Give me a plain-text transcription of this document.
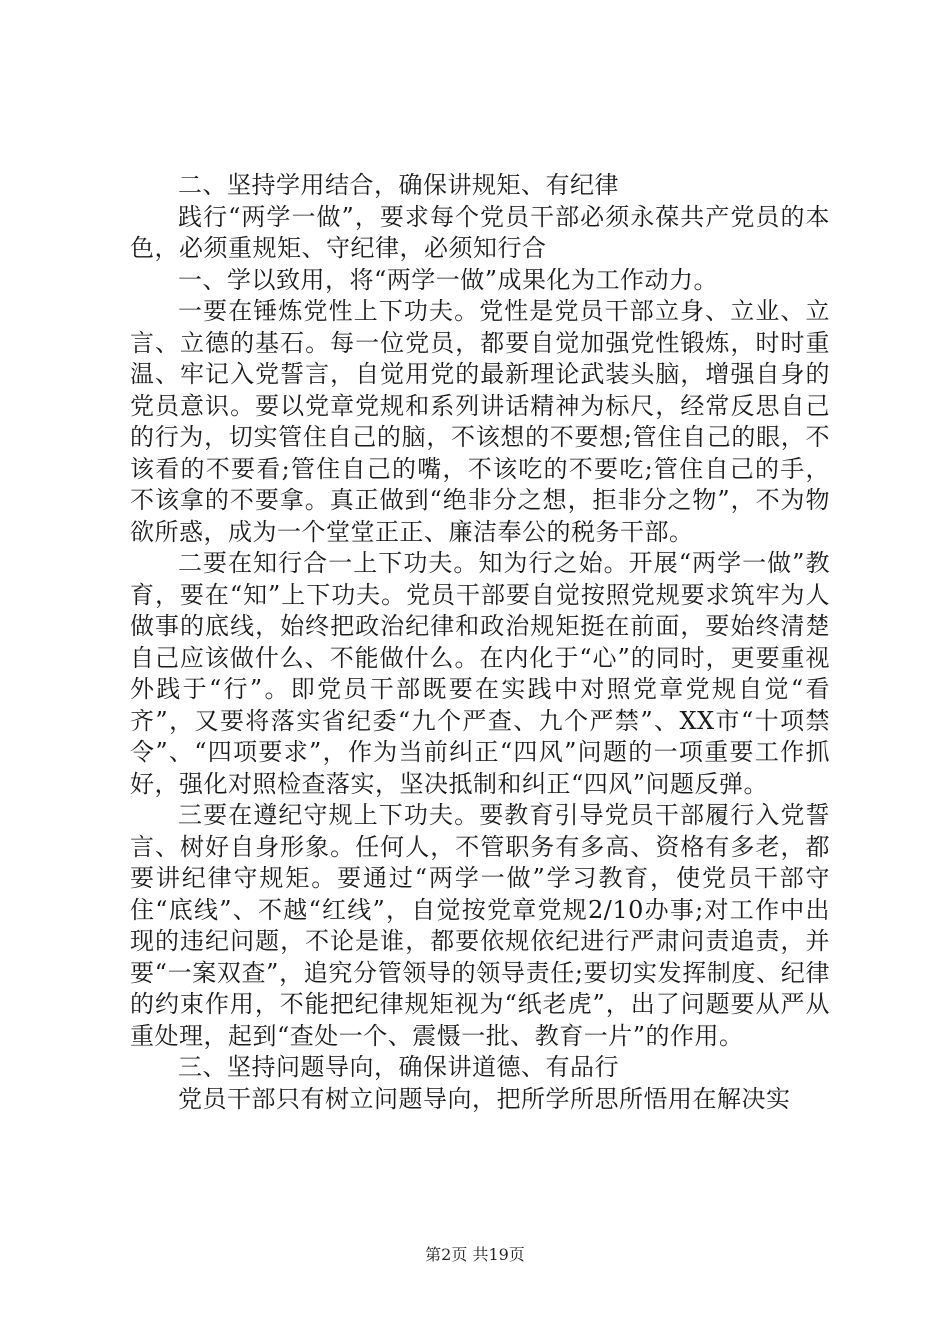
二、坚持学用结合，确保讲规矩、有纪律

践行“两学一做”，要求每个党员干部必须永葆共产党员的本色，必须重规矩、守纪律，必须知行合

一、学以致用，将“两学一做”成果化为工作动力。

一要在锤炼党性上下功夫。党性是党员干部立身、立业、立言、立德的基石。每一位党员，都要自觉加强党性锻炼，时时重温、牢记入党誓言，自觉用党的最新理论武装头脑，增强自身的党员意识。要以党章党规和系列讲话精神为标尺，经常反思自己的行为，切实管住自己的脑，不该想的不要想;管住自己的眼，不该看的不要看;管住自己的嘴，不该吃的不要吃;管住自己的手，不该拿的不要拿。真正做到“绝非分之想，拒非分之物”，不为物欲所惑，成为一个堂堂正正、廉洁奉公的税务干部。

二要在知行合一上下功夫。知为行之始。开展“两学一做”教育，要在“知”上下功夫。党员干部要自觉按照党规要求筑牢为人做事的底线，始终把政治纪律和政治规矩挺在前面，要始终清楚自己应该做什么、不能做什么。在内化于“心”的同时，更要重视外践于“行”。即党员干部既要在实践中对照党章党规自觉“看齐”，又要将落实省纪委“九个严查、九个严禁”、XX市“十项禁令”、“四项要求”，作为当前纠正“四风”问题的一项重要工作抓好，强化对照检查落实，坚决抵制和纠正“四风”问题反弹。

三要在遵纪守规上下功夫。要教育引导党员干部履行入党誓言、树好自身形象。任何人，不管职务有多高、资格有多老，都要讲纪律守规矩。要通过“两学一做”学习教育，使党员干部守住“底线”、不越“红线”，自觉按党章党规2/10办事;对工作中出现的违纪问题，不论是谁，都要依规依纪进行严肃问责追责，并要“一案双查”，追究分管领导的领导责任;要切实发挥制度、纪律的约束作用，不能把纪律规矩视为“纸老虎”，出了问题要从严从重处理，起到“查处一个、震慑一批、教育一片”的作用。

三、坚持问题导向，确保讲道德、有品行

党员干部只有树立问题导向，把所学所思所悟用在解决实

第2页 共19页
